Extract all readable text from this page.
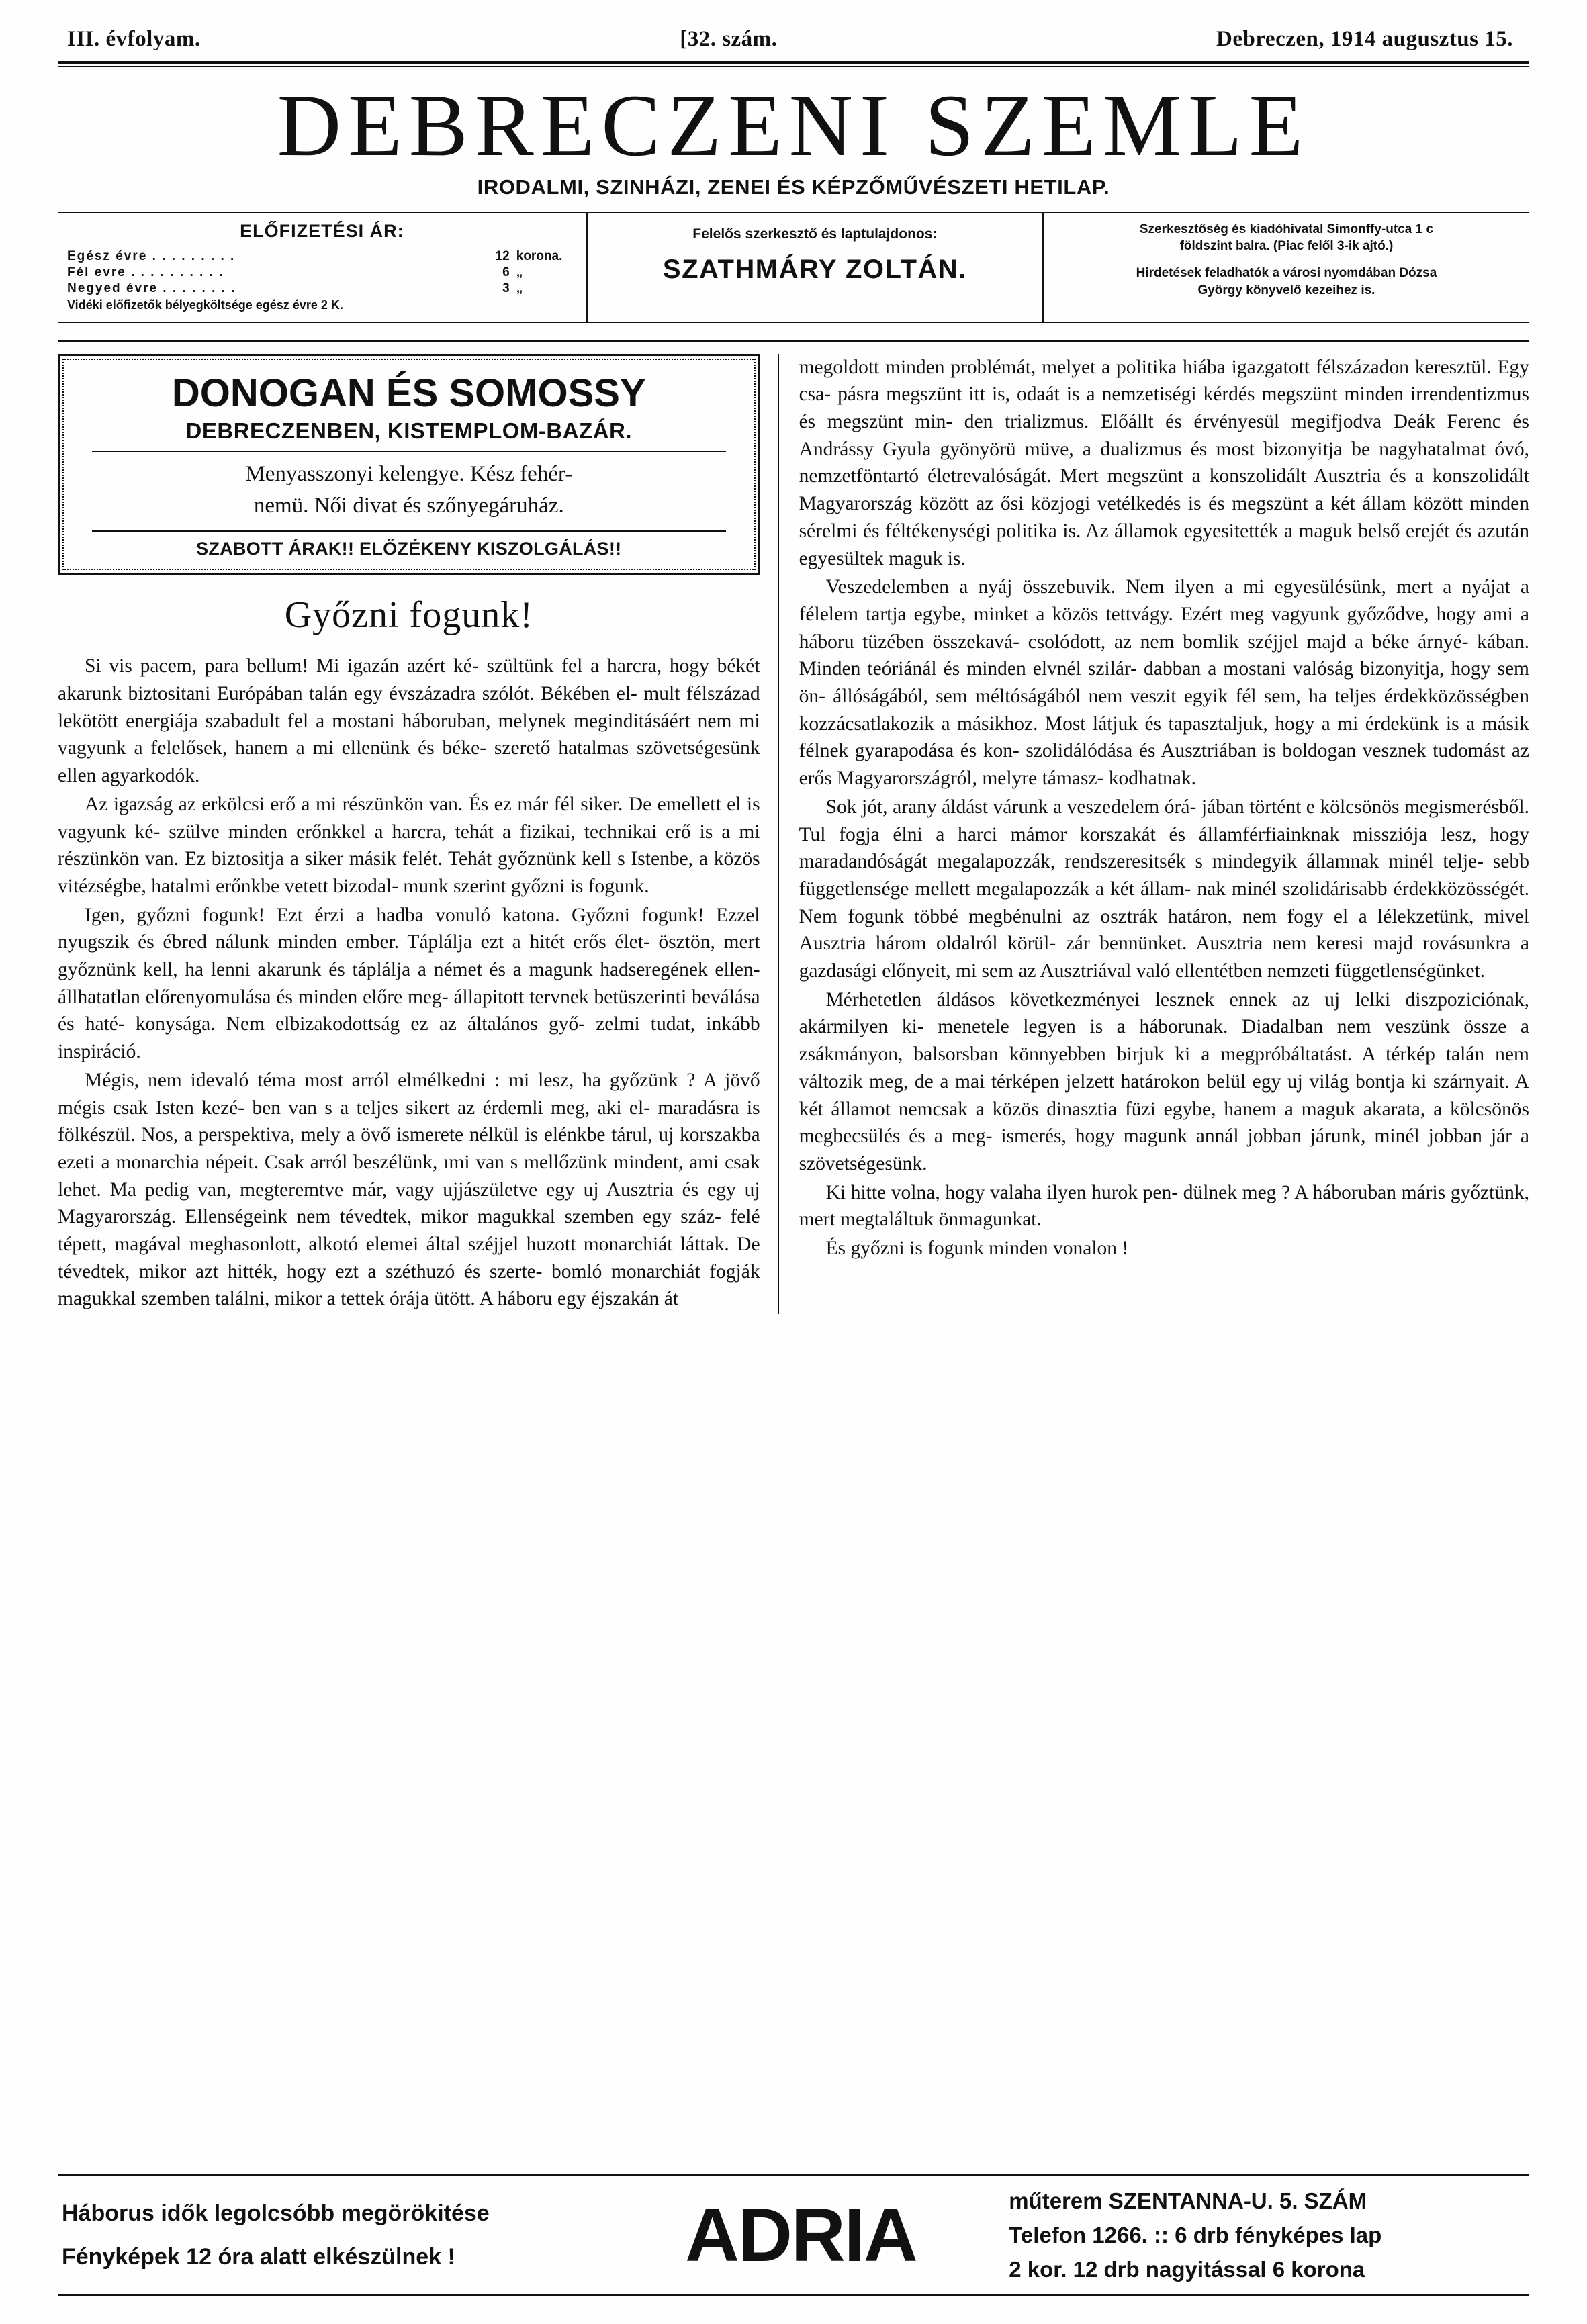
III. évfolyam.	[32. szám.	Debreczen, 1914 augusztus 15.
DEBRECZENI SZEMLE
IRODALMI, SZINHÁZI, ZENEI ÉS KÉPZŐMŰVÉSZETI HETILAP.
ELŐFIZETÉSI ÁR:
Egész évre . . . . . . . . .	12	korona.
Fél evre . . . . . . . . . .	6	„
Negyed évre . . . . . . . .	3	„
Vidéki előfizetők bélyegköltsége egész évre 2 K.
Felelős szerkesztő és laptulajdonos:
SZATHMÁRY ZOLTÁN.
Szerkesztőség és kiadóhivatal Simonffy-utca 1 c
földszint balra. (Piac felől 3-ik ajtó.)
Hirdetések feladhatók a városi nyomdában Dózsa
György könyvelő kezeihez is.
DONOGAN ÉS SOMOSSY
DEBRECZENBEN, KISTEMPLOM-BAZÁR.
Menyasszonyi kelengye. Kész fehér-
nemü. Női divat és szőnyegáruház.
SZABOTT ÁRAK!! ELŐZÉKENY KISZOLGÁLÁS!!
Győzni fogunk!

Si vis pacem, para bellum! Mi igazán azért ké- szültünk fel a harcra, hogy békét akarunk biztositani Európában talán egy évszázadra szólót. Békében el- mult félszázad lekötött energiája szabadult fel a mostani háboruban, melynek meginditásáért nem mi vagyunk a felelősek, hanem a mi ellenünk és béke- szerető hatalmas szövetségesünk ellen agyarkodók.

Az igazság az erkölcsi erő a mi részünkön van. És ez már fél siker. De emellett el is vagyunk ké- szülve minden erőnkkel a harcra, tehát a fizikai, technikai erő is a mi részünkön van. Ez biztositja a siker másik felét. Tehát győznünk kell s Istenbe, a közös vitézségbe, hatalmi erőnkbe vetett bizodal- munk szerint győzni is fogunk.

Igen, győzni fogunk! Ezt érzi a hadba vonuló katona. Győzni fogunk! Ezzel nyugszik és ébred nálunk minden ember. Táplálja ezt a hitét erős élet- ösztön, mert győznünk kell, ha lenni akarunk és táplálja a német és a magunk hadseregének ellen- állhatatlan előrenyomulása és minden előre meg- állapitott tervnek betüszerinti beválása és haté- konysága. Nem elbizakodottság ez az általános győ- zelmi tudat, inkább inspiráció.

Mégis, nem idevaló téma most arról elmélkedni : mi lesz, ha győzünk ? A jövő mégis csak Isten kezé- ben van s a teljes sikert az érdemli meg, aki el- maradásra is fölkészül. Nos, a perspektiva, mely a övő ismerete nélkül is elénkbe tárul, uj korszakba ezeti a monarchia népeit. Csak arról beszélünk, ımi van s mellőzünk mindent, ami csak lehet. Ma pedig van, megteremtve már, vagy ujjászületve egy uj Ausztria és egy uj Magyarország. Ellenségeink nem tévedtek, mikor magukkal szemben egy száz- felé tépett, magával meghasonlott, alkotó elemei által széjjel huzott monarchiát láttak. De tévedtek, mikor azt hitték, hogy ezt a széthuzó és szerte- bomló monarchiát fogják magukkal szemben találni, mikor a tettek órája ütött. A háboru egy éjszakán át

megoldott minden problémát, melyet a politika hiába igazgatott félszázadon keresztül. Egy csa- pásra megszünt itt is, odaát is a nemzetiségi kérdés megszünt minden irrendentizmus és megszünt min- den trializmus. Előállt és érvényesül megifjodva Deák Ferenc és Andrássy Gyula gyönyörü müve, a dualizmus és most bizonyitja be nagyhatalmat óvó, nemzetföntartó életrevalóságát. Mert megszünt a konszolidált Ausztria és a konszolidált Magyarország között az ősi közjogi vetélkedés is és megszünt a két állam között minden sérelmi és féltékenységi politika is. Az államok egyesitették a maguk belső erejét és azután egyesültek maguk is.

Veszedelemben a nyáj összebuvik. Nem ilyen a mi egyesülésünk, mert a nyájat a félelem tartja egybe, minket a közös tettvágy. Ezért meg vagyunk győződve, hogy ami a háboru tüzében összekavá- csolódott, az nem bomlik széjjel majd a béke árnyé- kában. Minden teóriánál és minden elvnél szilár- dabban a mostani valóság bizonyitja, hogy sem ön- állóságából, sem méltóságából nem veszit egyik fél sem, ha teljes érdekközösségben kozzácsatlakozik a másikhoz. Most látjuk és tapasztaljuk, hogy a mi érdekünk is a másik félnek gyarapodása és kon- szolidálódása és Ausztriában is boldogan vesznek tudomást az erős Magyarországról, melyre támasz- kodhatnak.

Sok jót, arany áldást várunk a veszedelem órá- jában történt e kölcsönös megismerésből. Tul fogja élni a harci mámor korszakát és államférfiainknak missziója lesz, hogy maradandóságát megalapozzák, rendszeresitsék s mindegyik államnak minél telje- sebb függetlensége mellett megalapozzák a két állam- nak minél szolidárisabb érdekközösségét. Nem fogunk többé megbénulni az osztrák határon, nem fogy el a lélekzetünk, mivel Ausztria három oldalról körül- zár bennünket. Ausztria nem keresi majd rovásunkra a gazdasági előnyeit, mi sem az Ausztriával való ellentétben nemzeti függetlenségünket.

Mérhetetlen áldásos következményei lesznek ennek az uj lelki diszpoziciónak, akármilyen ki- menetele legyen is a háborunak. Diadalban nem veszünk össze a zsákmányon, balsorsban könnyebben birjuk ki a megpróbáltatást. A térkép talán nem változik meg, de a mai térképen jelzett határokon belül egy uj világ bontja ki szárnyait. A két államot nemcsak a közös dinasztia füzi egybe, hanem a maguk akarata, a kölcsönös megbecsülés és a meg- ismerés, hogy magunk annál jobban járunk, minél jobban jár a szövetségesünk.

Ki hitte volna, hogy valaha ilyen hurok pen- dülnek meg ? A háboruban máris győztünk, mert megtaláltuk önmagunkat.

És győzni is fogunk minden vonalon !

Háborus idők legolcsóbb megörökitése
Fényképek 12 óra alatt elkészülnek !	ADRIA	műterem SZENTANNA-U. 5. SZÁM
Telefon 1266. :: 6 drb fényképes lap
2 kor. 12 drb nagyitással 6 korona
